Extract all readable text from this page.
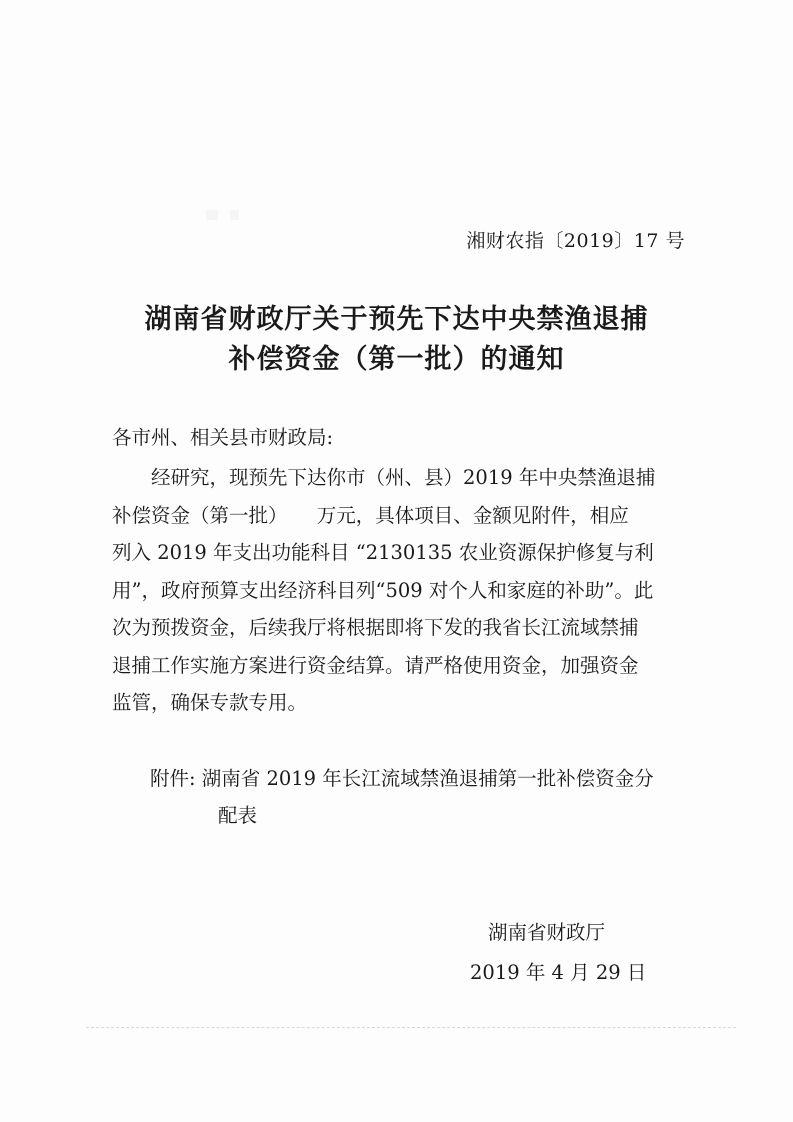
湘财农指〔2019〕17 号
湖南省财政厅关于预先下达中央禁渔退捕
补偿资金（第一批）的通知
各市州、相关县市财政局:
经研究，现预先下达你市（州、县）2019 年中央禁渔退捕
补偿资金（第一批）　　万元，具体项目、金额见附件，相应
列入 2019 年支出功能科目 “2130135 农业资源保护修复与利
用”，政府预算支出经济科目列“509 对个人和家庭的补助”。此
次为预拨资金，后续我厅将根据即将下发的我省长江流域禁捕
退捕工作实施方案进行资金结算。请严格使用资金，加强资金
监管，确保专款专用。
附件: 湖南省 2019 年长江流域禁渔退捕第一批补偿资金分
配表
湖南省财政厅
2019 年 4 月 29 日
